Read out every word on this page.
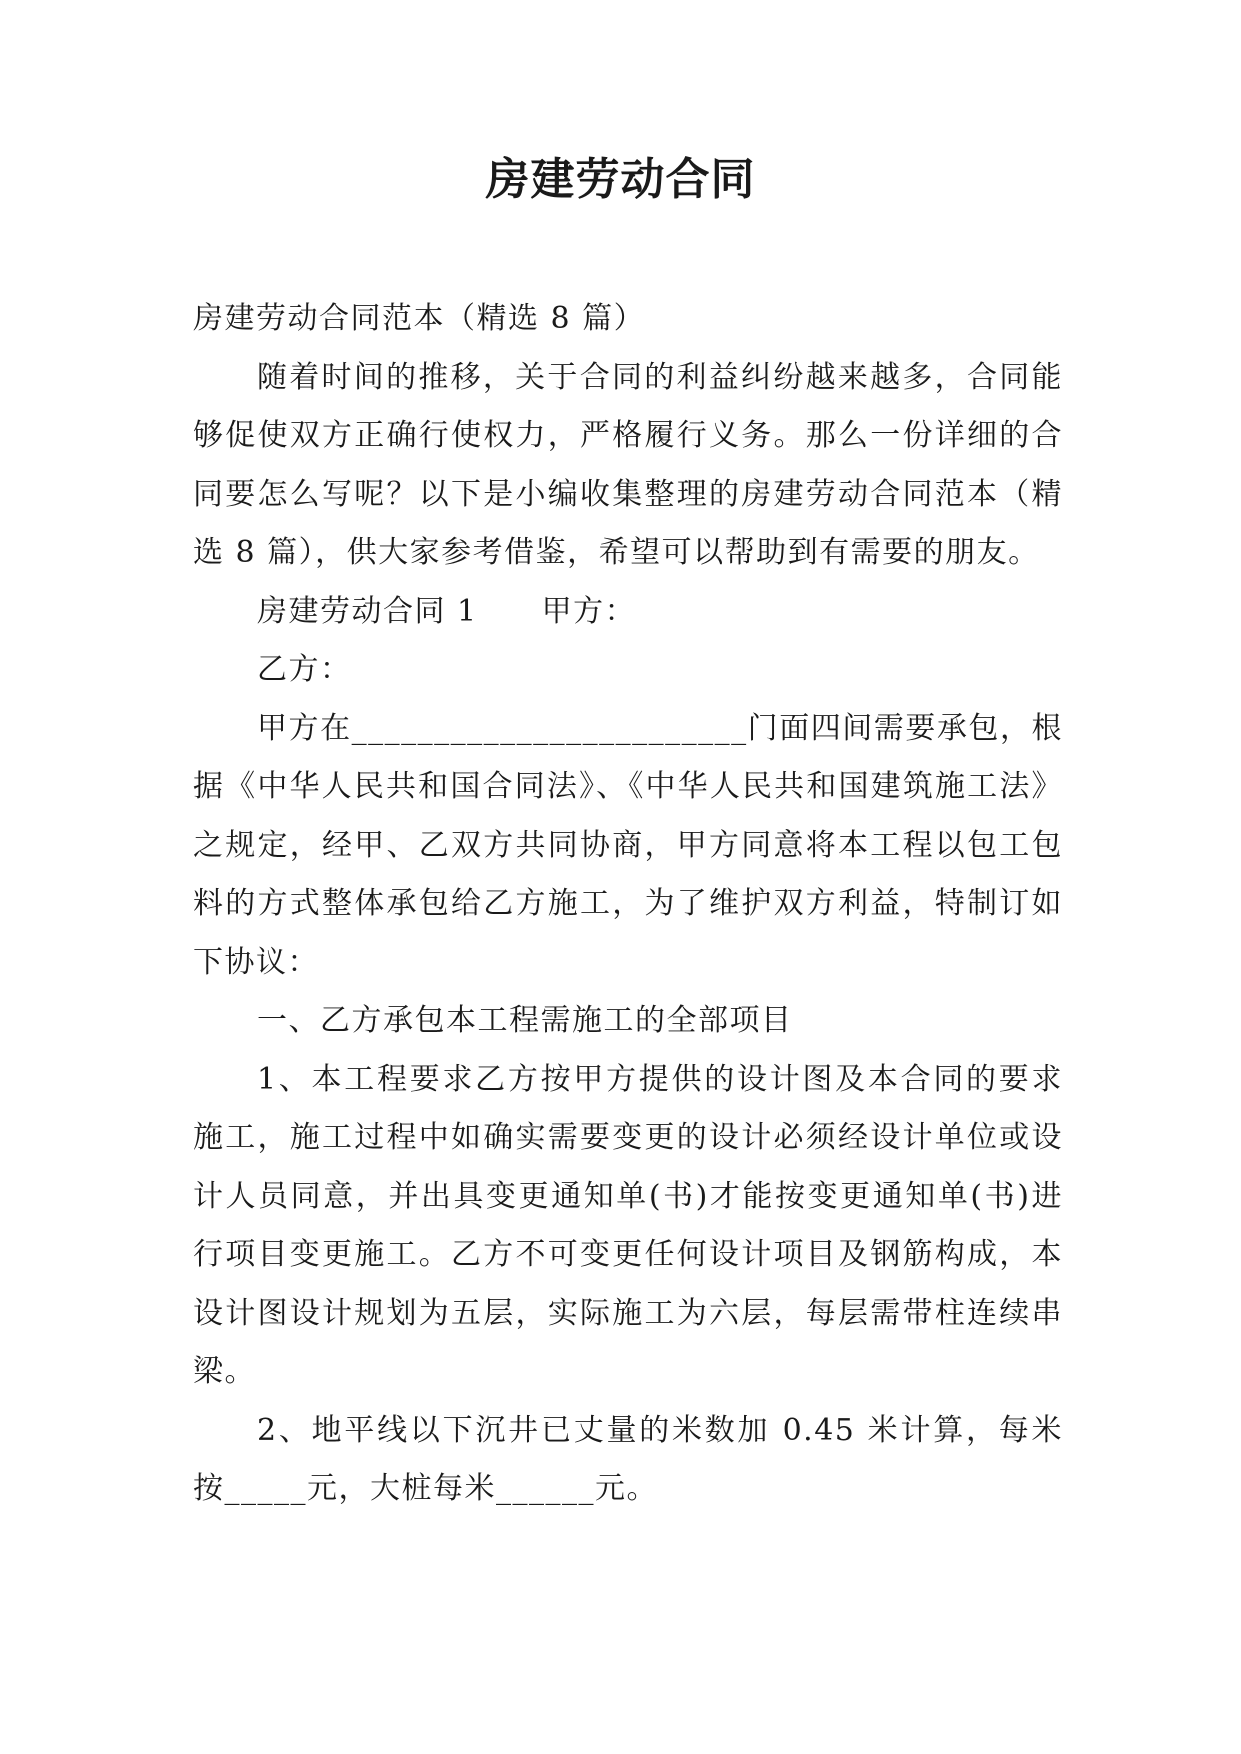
房建劳动合同

房建劳动合同范本（精选 8 篇）

随着时间的推移，关于合同的利益纠纷越来越多，合同能够促使双方正确行使权力，严格履行义务。那么一份详细的合同要怎么写呢？以下是小编收集整理的房建劳动合同范本（精选 8 篇），供大家参考借鉴，希望可以帮助到有需要的朋友。

房建劳动合同 1 甲方：

乙方：

甲方在________________________门面四间需要承包，根据《中华人民共和国合同法》、《中华人民共和国建筑施工法》之规定，经甲、乙双方共同协商，甲方同意将本工程以包工包料的方式整体承包给乙方施工，为了维护双方利益，特制订如下协议：

一、乙方承包本工程需施工的全部项目

1、本工程要求乙方按甲方提供的设计图及本合同的要求施工，施工过程中如确实需要变更的设计必须经设计单位或设计人员同意，并出具变更通知单(书)才能按变更通知单(书)进行项目变更施工。乙方不可变更任何设计项目及钢筋构成，本设计图设计规划为五层，实际施工为六层，每层需带柱连续串梁。

2、地平线以下沉井已丈量的米数加 0.45 米计算，每米按_____元，大桩每米______元。
